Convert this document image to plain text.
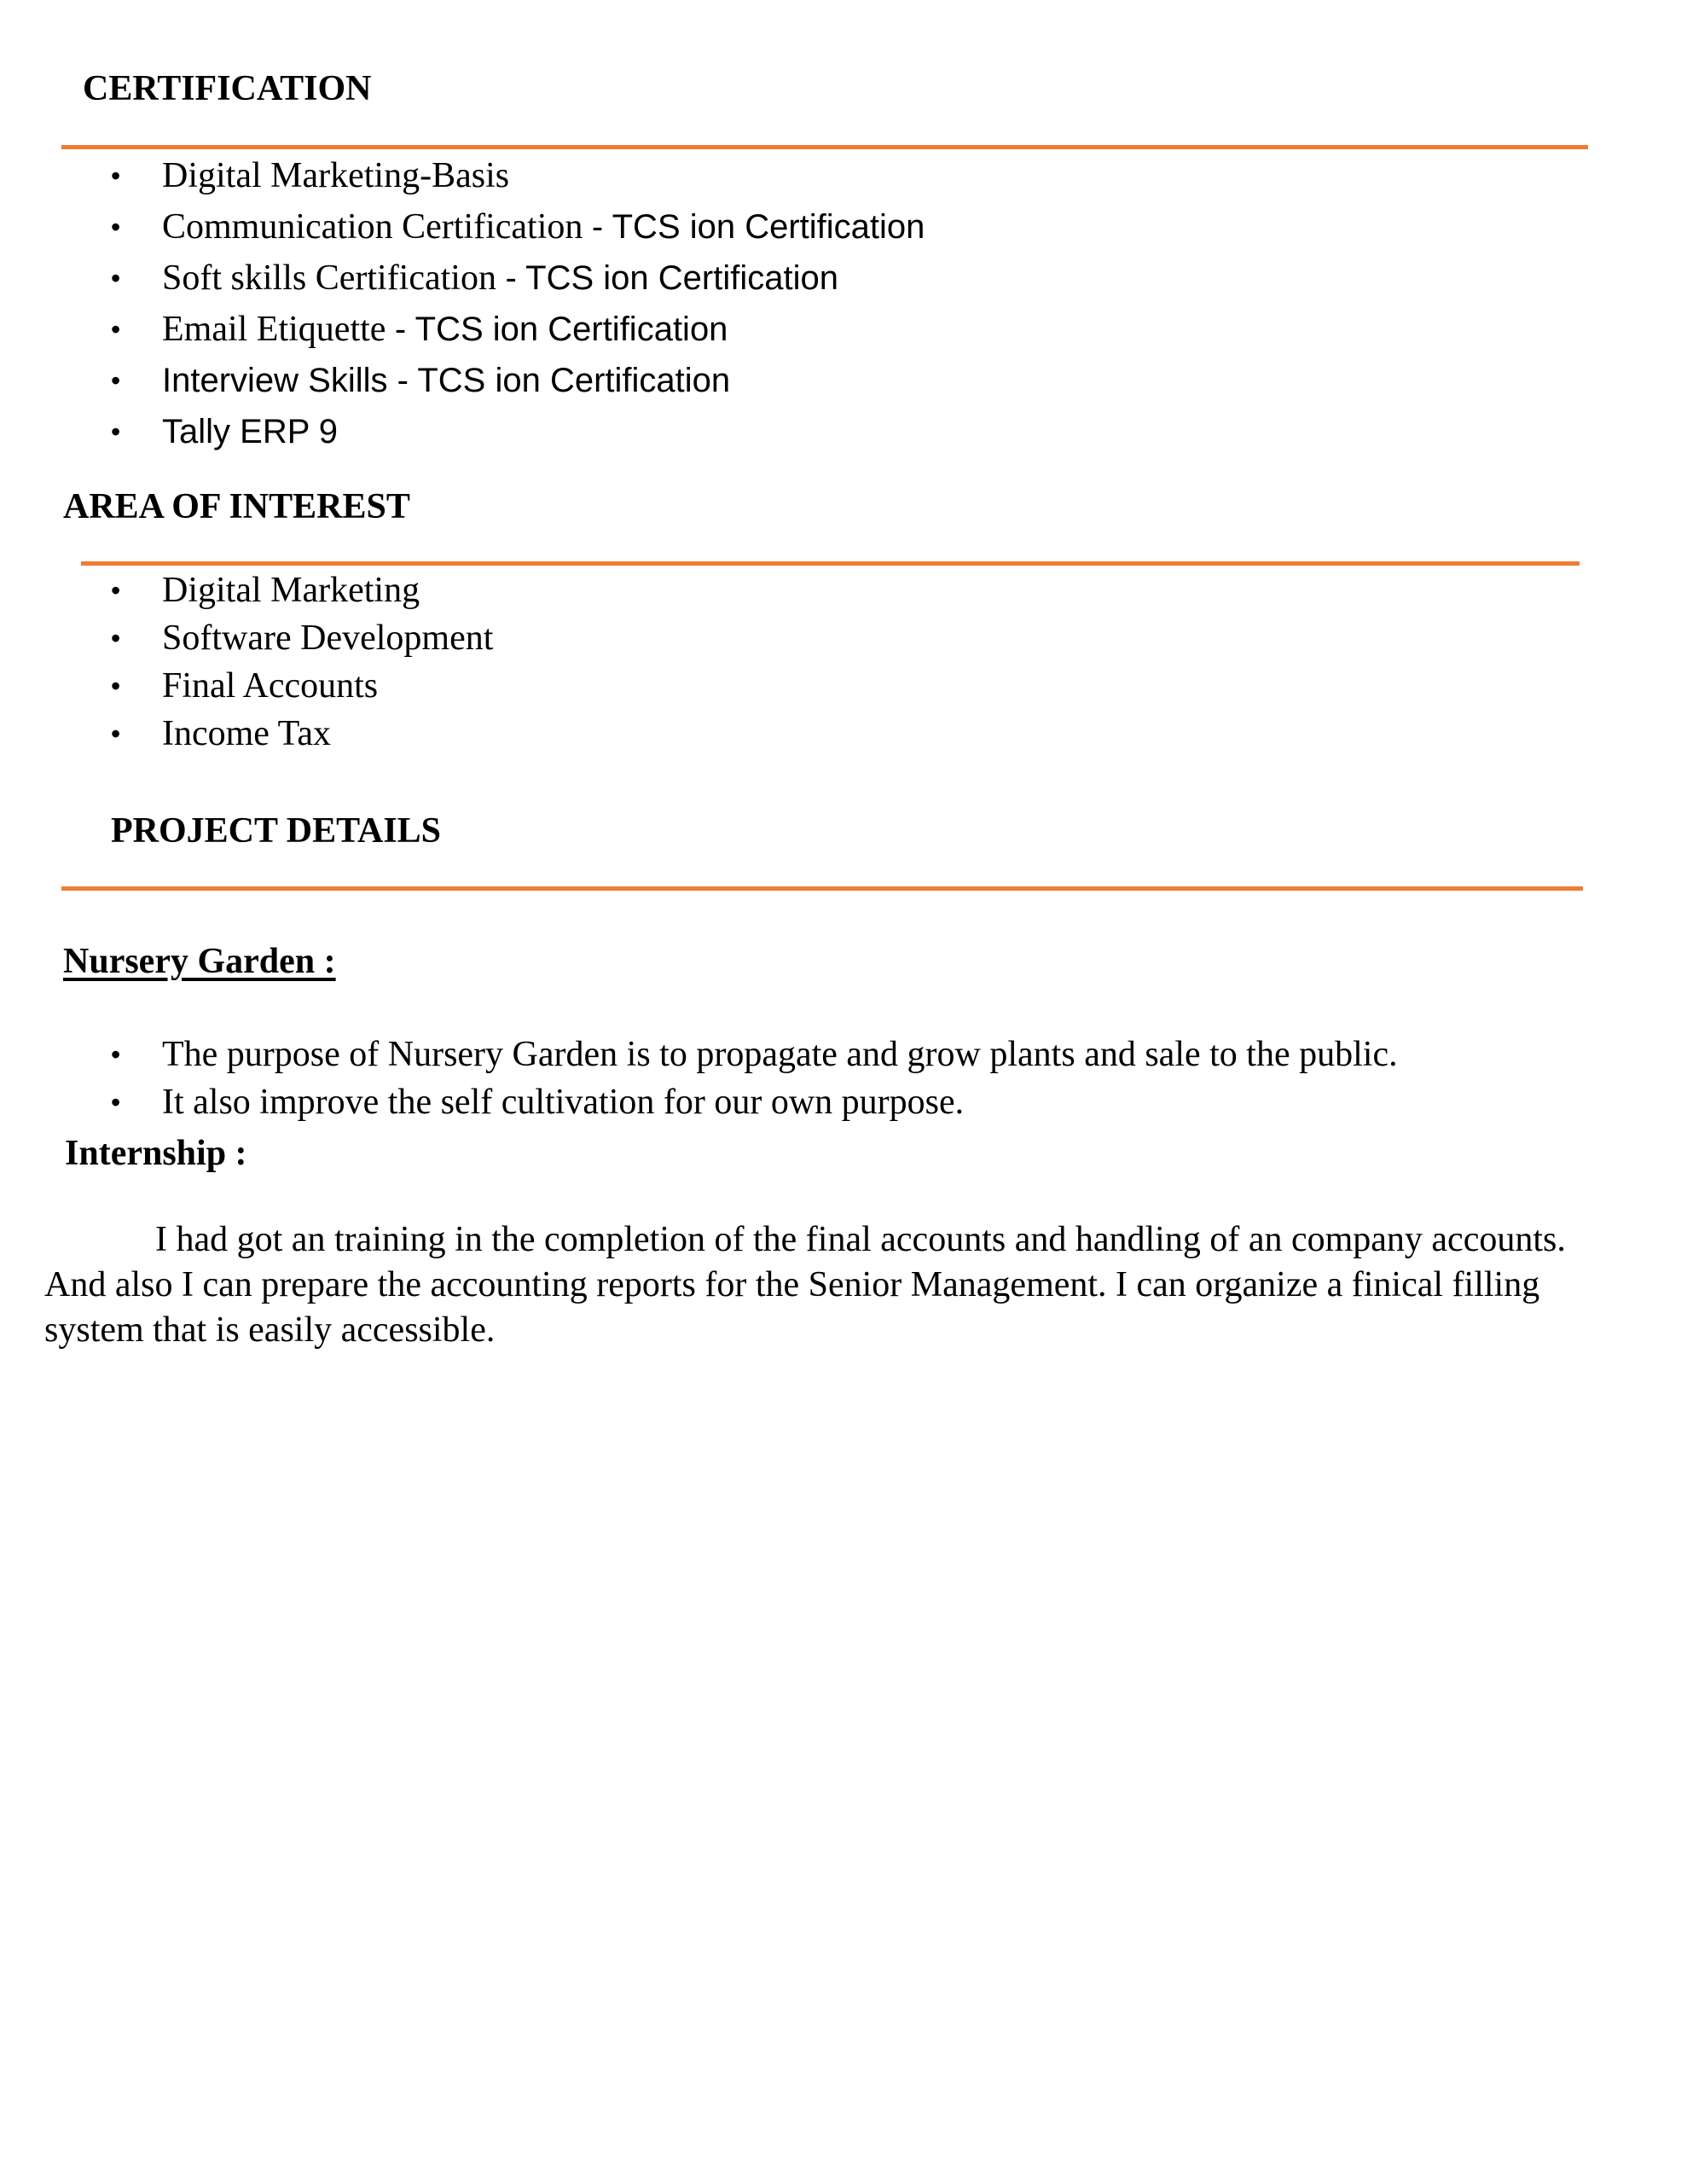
CERTIFICATION
•	Digital Marketing-Basis
•	Communication Certification - TCS ion Certification
•	Soft skills Certification - TCS ion Certification
•	Email Etiquette - TCS ion Certification
•	Interview Skills - TCS ion Certification
•	Tally ERP 9
AREA OF INTEREST
•	Digital Marketing
•	Software Development
•	Final Accounts
•	Income Tax
PROJECT DETAILS
Nursery Garden :
•	The purpose of Nursery Garden is to propagate and grow plants and sale to the public.
•	It also improve the self cultivation for our own purpose.
Internship :

I had got an training in the completion of the final accounts and handling of an company accounts. And also I can prepare the accounting reports for the Senior Management. I can organize a finical filling system that is easily accessible.
